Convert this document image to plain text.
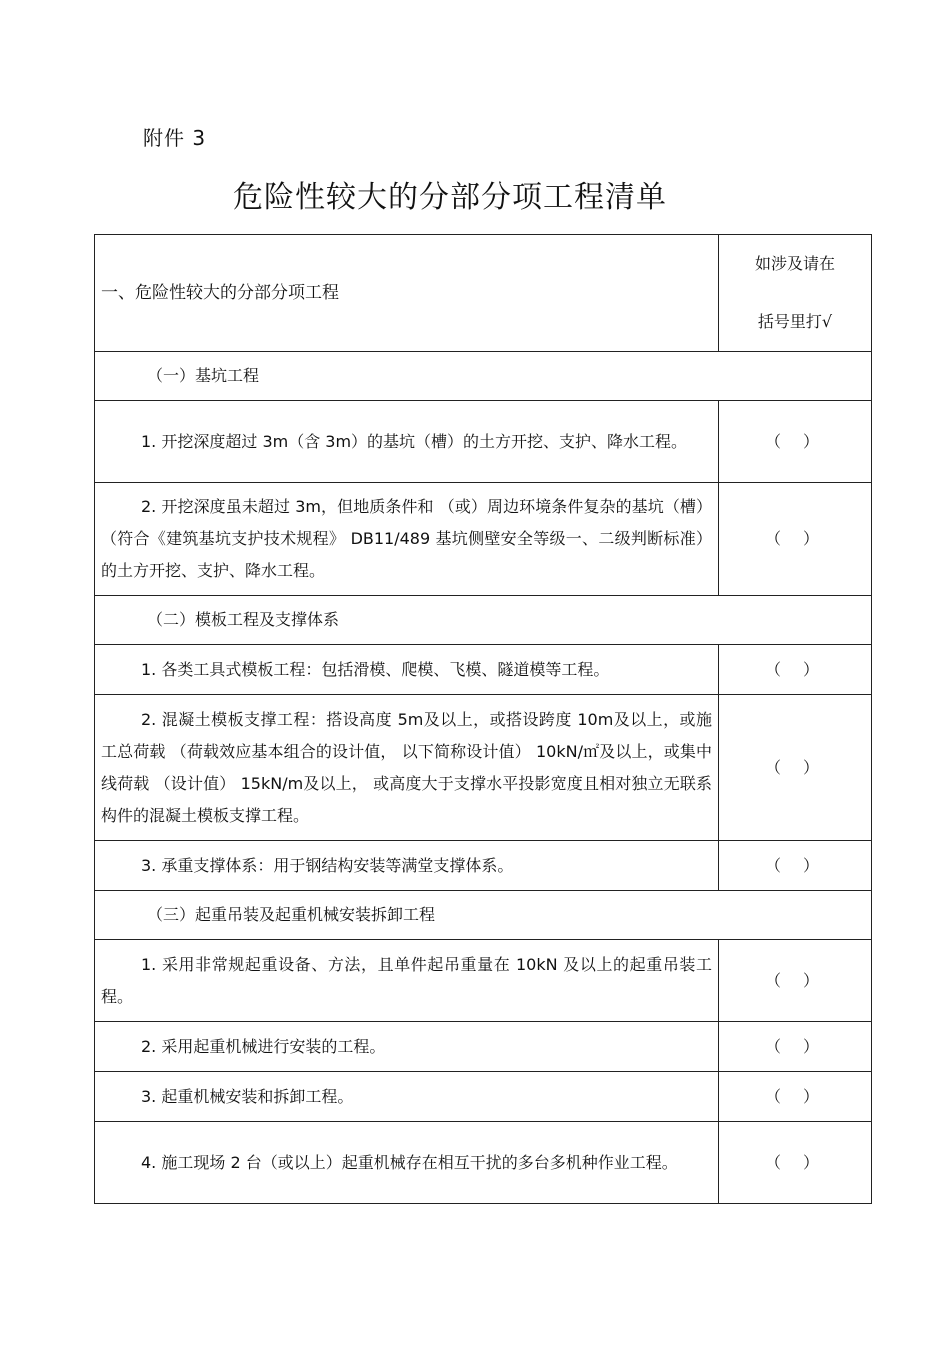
附件 3
危险性较大的分部分项工程清单
一、危险性较大的分部分项工程	如涉及请在
括号里打√

（一）基坑工程	

1. 开挖深度超过 3m（含 3m）的基坑（槽）的土方开挖、支护、降水工程。	（）

2. 开挖深度虽未超过 3m，但地质条件和 （或）周边环境条件复杂的基坑（槽）（符合《建筑基坑支护技术规程》 DB11/489 基坑侧壁安全等级一、二级判断标准）的土方开挖、支护、降水工程。	（）
（二）模板工程及支撑体系	

1. 各类工具式模板工程：包括滑模、爬模、飞模、隧道模等工程。	（）

2. 混凝土模板支撑工程：搭设高度 5m及以上，或搭设跨度 10m及以上，或施工总荷载 （荷载效应基本组合的设计值， 以下简称设计值） 10kN/㎡及以上，或集中线荷载 （设计值） 15kN/m及以上， 或高度大于支撑水平投影宽度且相对独立无联系构件的混凝土模板支撑工程。	（）

3. 承重支撑体系：用于钢结构安装等满堂支撑体系。	（）
（三）起重吊装及起重机械安装拆卸工程	

1. 采用非常规起重设备、方法，且单件起吊重量在 10kN 及以上的起重吊装工程。	（）

2. 采用起重机械进行安装的工程。	（）

3. 起重机械安装和拆卸工程。	（）

4. 施工现场 2 台（或以上）起重机械存在相互干扰的多台多机种作业工程。	（）
